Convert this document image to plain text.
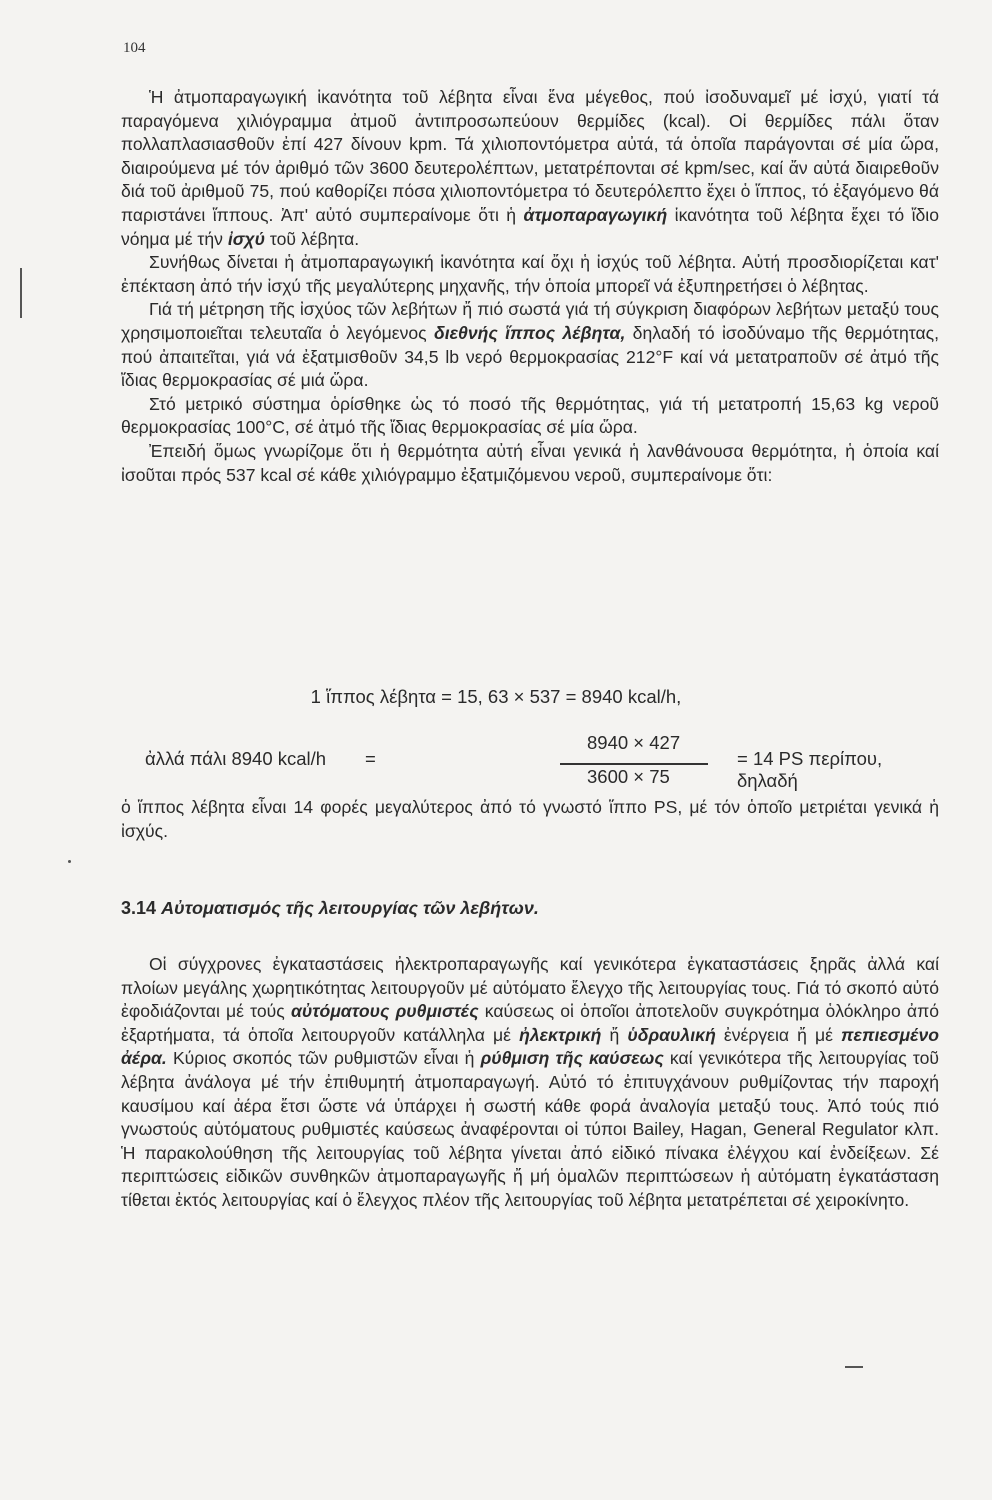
104

Ἡ ἀτμοπαραγωγική ἱκανότητα τοῦ λέβητα εἶναι ἕνα μέγεθος, πού ἰσοδυναμεῖ μέ ἰσχύ, γιατί τά παραγόμενα χιλιόγραμμα ἀτμοῦ ἀντιπροσωπεύουν θερμίδες (kcal). Οἱ θερμίδες πάλι ὅταν πολλαπλασιασθοῦν ἐπί 427 δίνουν kpm. Τά χιλιοποντόμετρα αὐτά, τά ὁποῖα παράγονται σέ μία ὥρα, διαιρούμενα μέ τόν ἀριθμό τῶν 3600 δευτερολέπτων, μετατρέπονται σέ kpm/sec, καί ἄν αὐτά διαιρεθοῦν διά τοῦ ἀριθμοῦ 75, πού καθορίζει πόσα χιλιοποντόμετρα τό δευτερόλεπτο ἔχει ὁ ἵππος, τό ἐξαγόμενο θά παριστάνει ἵππους. Ἀπ' αὐτό συμπεραίνομε ὅτι ἡ ἀτμοπαραγωγική ἱκανότητα τοῦ λέβητα ἔχει τό ἴδιο νόημα μέ τήν ἰσχύ τοῦ λέβητα.

Συνήθως δίνεται ἡ ἀτμοπαραγωγική ἱκανότητα καί ὄχι ἡ ἰσχύς τοῦ λέβητα. Αὐτή προσδιορίζεται κατ' ἐπέκταση ἀπό τήν ἰσχύ τῆς μεγαλύτερης μηχανῆς, τήν ὁποία μπορεῖ νά ἐξυπηρετήσει ὁ λέβητας.

Γιά τή μέτρηση τῆς ἰσχύος τῶν λεβήτων ἤ πιό σωστά γιά τή σύγκριση διαφόρων λεβήτων μεταξύ τους χρησιμοποιεῖται τελευταῖα ὁ λεγόμενος διεθνής ἵππος λέβητα, δηλαδή τό ἰσοδύναμο τῆς θερμότητας, πού ἀπαιτεῖται, γιά νά ἐξατμισθοῦν 34,5 lb νερό θερμοκρασίας 212°F καί νά μετατραποῦν σέ ἀτμό τῆς ἴδιας θερμοκρασίας σέ μιά ὥρα.

Στό μετρικό σύστημα ὁρίσθηκε ὡς τό ποσό τῆς θερμότητας, γιά τή μετατροπή 15,63 kg νεροῦ θερμοκρασίας 100°C, σέ ἀτμό τῆς ἴδιας θερμοκρασίας σέ μία ὥρα.

Ἐπειδή ὅμως γνωρίζομε ὅτι ἡ θερμότητα αὐτή εἶναι γενικά ἡ λανθάνουσα θερμότητα, ἡ ὁποία καί ἰσοῦται πρός 537 kcal σέ κάθε χιλιόγραμμο ἐξατμιζόμενου νεροῦ, συμπεραίνομε ὅτι:

1 ἵππος λέβητα = 15, 63 × 537 = 8940 kcal/h,
ἀλλά πάλι 8940 kcal/h =
8940 × 427
3600 × 75
= 14 PS περίπου, δηλαδή

ὁ ἵππος λέβητα εἶναι 14 φορές μεγαλύτερος ἀπό τό γνωστό ἵππο PS, μέ τόν ὁποῖο μετριέται γενικά ἡ ἰσχύς.

3.14 Αὐτοματισμός τῆς λειτουργίας τῶν λεβήτων.

Οἱ σύγχρονες ἐγκαταστάσεις ἠλεκτροπαραγωγῆς καί γενικότερα ἐγκαταστάσεις ξηρᾶς ἀλλά καί πλοίων μεγάλης χωρητικότητας λειτουργοῦν μέ αὐτόματο ἔλεγχο τῆς λειτουργίας τους. Γιά τό σκοπό αὐτό ἐφοδιάζονται μέ τούς αὐτόματους ρυθμιστές καύσεως οἱ ὁποῖοι ἀποτελοῦν συγκρότημα ὁλόκληρο ἀπό ἐξαρτήματα, τά ὁποῖα λειτουργοῦν κατάλληλα μέ ἠλεκτρική ἤ ὑδραυλική ἐνέργεια ἤ μέ πεπιεσμένο ἀέρα. Κύριος σκοπός τῶν ρυθμιστῶν εἶναι ἡ ρύθμιση τῆς καύσεως καί γενικότερα τῆς λειτουργίας τοῦ λέβητα ἀνάλογα μέ τήν ἐπιθυμητή ἀτμοπαραγωγή. Αὐτό τό ἐπιτυγχάνουν ρυθμίζοντας τήν παροχή καυσίμου καί ἀέρα ἔτσι ὥστε νά ὑπάρχει ἡ σωστή κάθε φορά ἀναλογία μεταξύ τους. Ἀπό τούς πιό γνωστούς αὐτόματους ρυθμιστές καύσεως ἀναφέρονται οἱ τύποι Bailey, Hagan, General Regulator κλπ. Ἡ παρακολούθηση τῆς λειτουργίας τοῦ λέβητα γίνεται ἀπό εἰδικό πίνακα ἐλέγχου καί ἐνδείξεων. Σέ περιπτώσεις εἰδικῶν συνθηκῶν ἀτμοπαραγωγῆς ἤ μή ὁμαλῶν περιπτώσεων ἡ αὐτόματη ἐγκατάσταση τίθεται ἐκτός λειτουργίας καί ὁ ἔλεγχος πλέον τῆς λειτουργίας τοῦ λέβητα μετατρέπεται σέ χειροκίνητο.
